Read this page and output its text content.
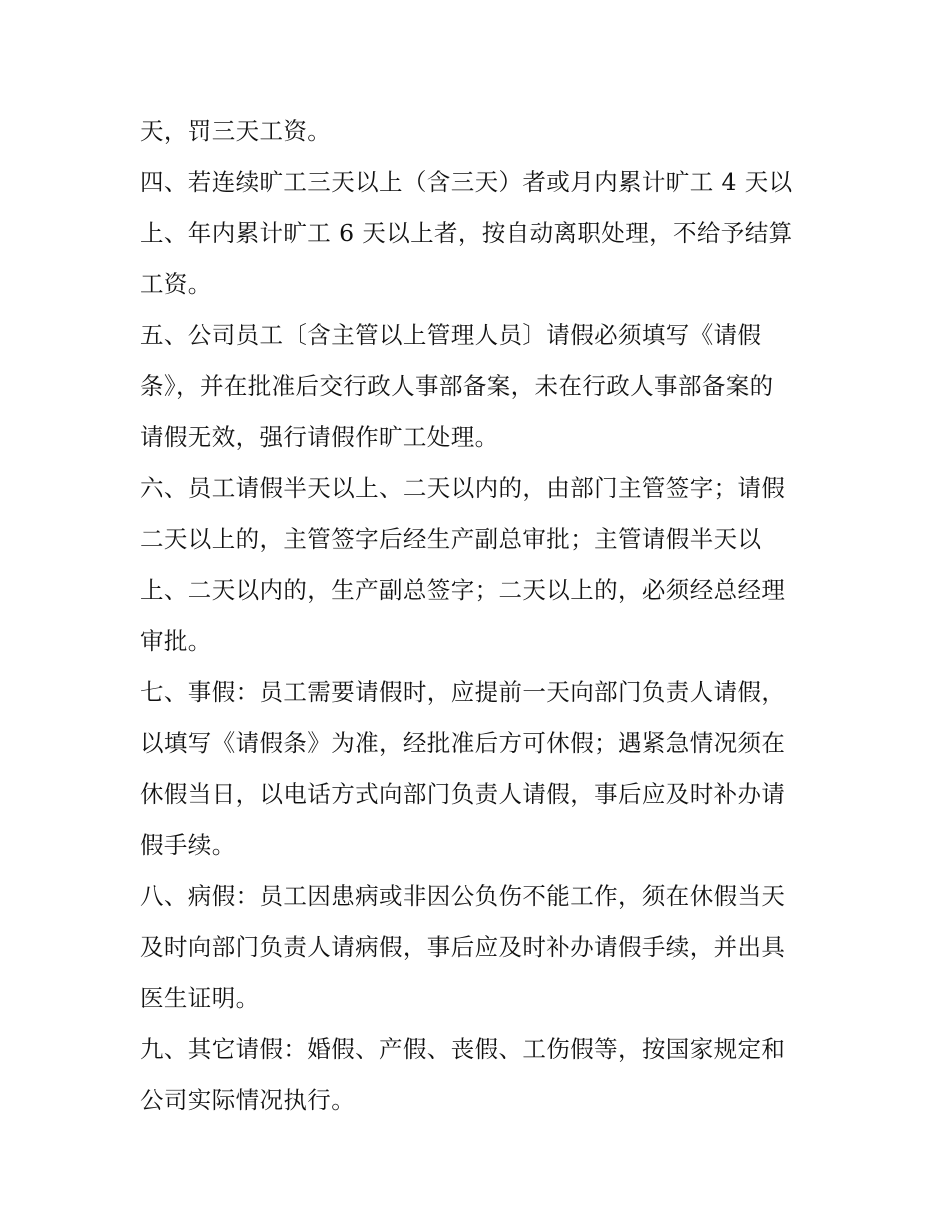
天，罚三天工资。
四、若连续旷工三天以上（含三天）者或月内累计旷工 4 天以
上、年内累计旷工 6 天以上者，按自动离职处理，不给予结算
工资。
五、公司员工〔含主管以上管理人员〕请假必须填写《请假
条》，并在批准后交行政人事部备案，未在行政人事部备案的
请假无效，强行请假作旷工处理。
六、员工请假半天以上、二天以内的，由部门主管签字；请假
二天以上的，主管签字后经生产副总审批；主管请假半天以
上、二天以内的，生产副总签字；二天以上的，必须经总经理
审批。
七、事假：员工需要请假时，应提前一天向部门负责人请假，
以填写《请假条》为准，经批准后方可休假；遇紧急情况须在
休假当日，以电话方式向部门负责人请假，事后应及时补办请
假手续。
八、病假：员工因患病或非因公负伤不能工作，须在休假当天
及时向部门负责人请病假，事后应及时补办请假手续，并出具
医生证明。
九、其它请假：婚假、产假、丧假、工伤假等，按国家规定和
公司实际情况执行。
